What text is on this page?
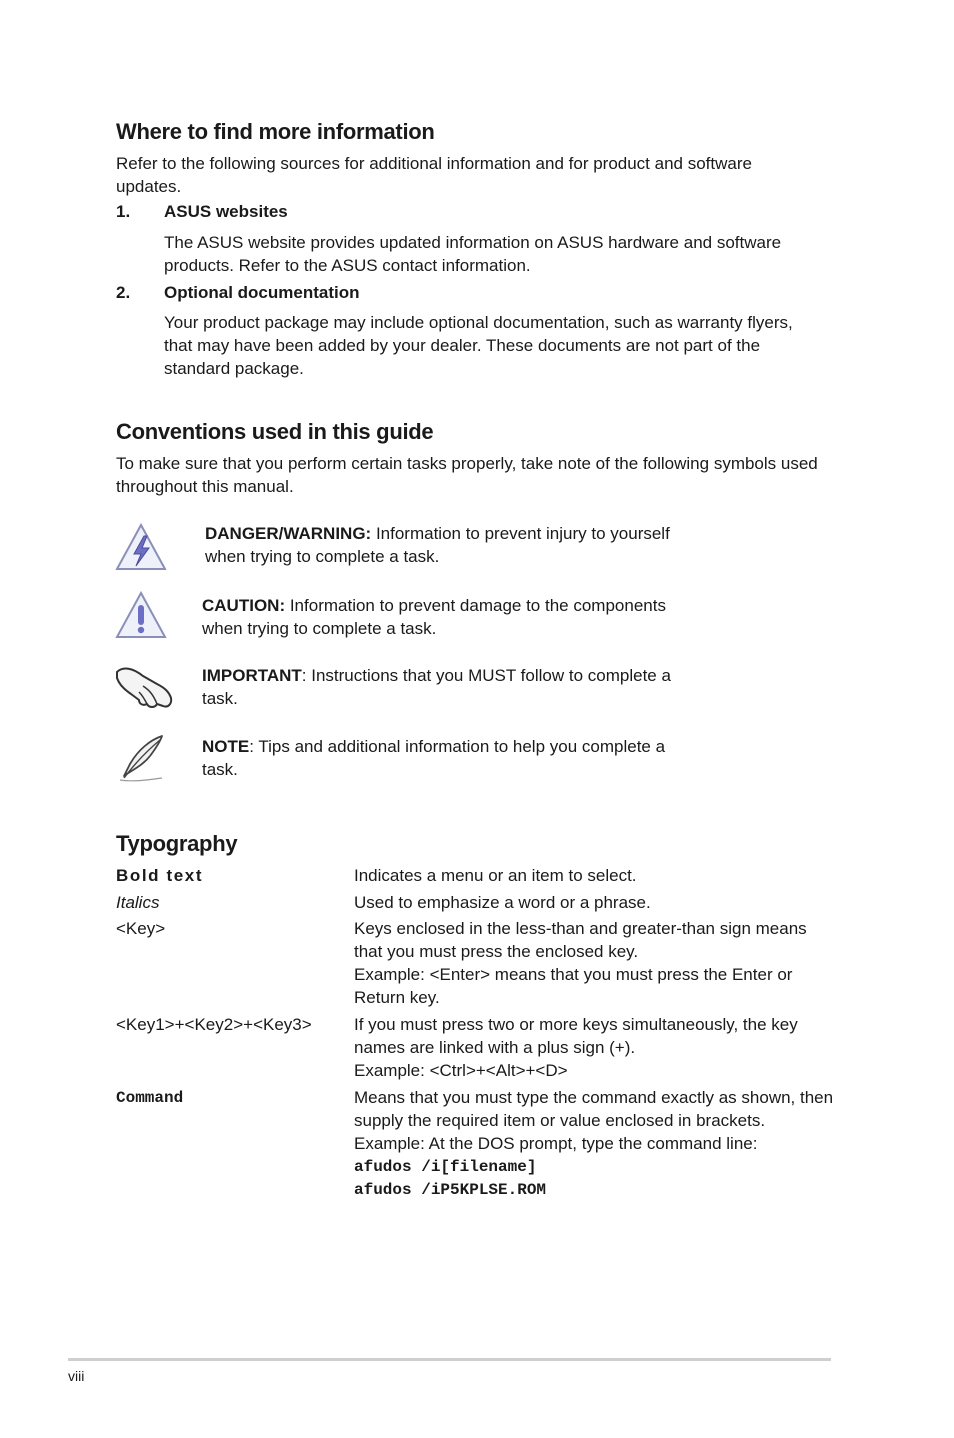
Where to find more information

Refer to the following sources for additional information and for product and software updates.

1. ASUS websites

The ASUS website provides updated information on ASUS hardware and software products. Refer to the ASUS contact information.

2. Optional documentation

Your product package may include optional documentation, such as warranty flyers, that may have been added by your dealer. These documents are not part of the standard package.

Conventions used in this guide

To make sure that you perform certain tasks properly, take note of the following symbols used throughout this manual.

DANGER/WARNING: Information to prevent injury to yourself when trying to complete a task.

CAUTION: Information to prevent damage to the components when trying to complete a task.

IMPORTANT: Instructions that you MUST follow to complete a task.

NOTE: Tips and additional information to help you complete a task.

Typography
Bold text	Indicates a menu or an item to select.

Italics	Used to emphasize a word or a phrase.

<Key>	Keys enclosed in the less-than and greater-than sign means that you must press the enclosed key.

Example: <Enter> means that you must press the Enter or Return key.

<Key1>+<Key2>+<Key3> If you must press two or more keys simultaneously, the key names are linked with a plus sign (+).

Example: <Ctrl>+<Alt>+<D>

Command	Means that you must type the command exactly as shown, then supply the required item or value enclosed in brackets.

Example: At the DOS prompt, type the command line:

afudos /i[filename]
afudos /iP5KPLSE.ROM
viii
